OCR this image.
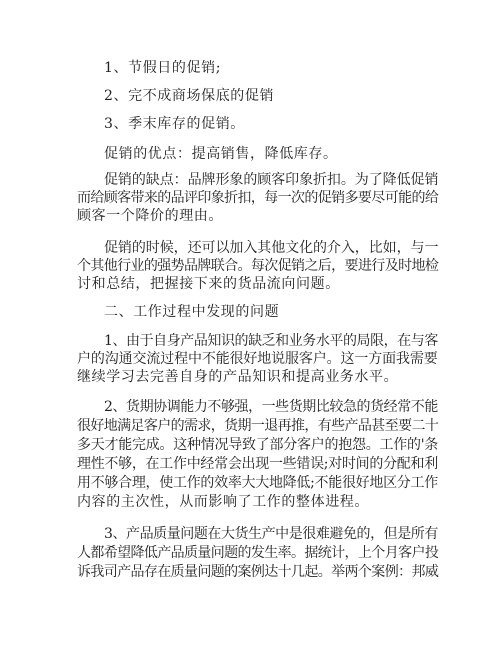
1、节假日的促销;
2、完不成商场保底的促销
3、季末库存的促销。
促销的优点：提高销售，降低库存。
促销的缺点：品牌形象的顾客印象折扣。为了降低促销
而给顾客带来的品评印象折扣，每一次的促销多要尽可能的给
顾客一个降价的理由。
促销的时候，还可以加入其他文化的介入，比如，与一
个其他行业的强势品牌联合。每次促销之后，要进行及时地检
讨和总结，把握接下来的货品流向问题。
二、工作过程中发现的问题
1、由于自身产品知识的缺乏和业务水平的局限，在与客
户的沟通交流过程中不能很好地说服客户。这一方面我需要
继续学习去完善自身的产品知识和提高业务水平。
2、货期协调能力不够强，一些货期比较急的货经常不能
很好地满足客户的需求，货期一退再推，有些产品甚至要二十
多天才能完成。这种情况导致了部分客户的抱怨。工作的'条
理性不够，在工作中经常会出现一些错误;对时间的分配和利
用不够合理，使工作的效率大大地降低;不能很好地区分工作
内容的主次性，从而影响了工作的整体进程。
3、产品质量问题在大货生产中是很难避免的，但是所有
人都希望降低产品质量问题的发生率。据统计，上个月客户投
诉我司产品存在质量问题的案例达十几起。举两个案例：邦威
